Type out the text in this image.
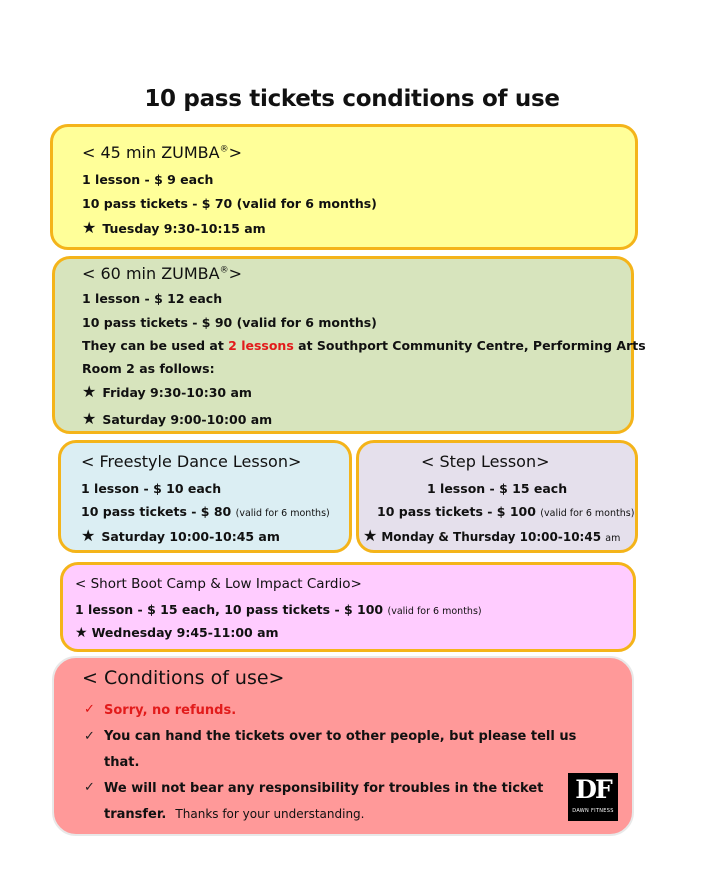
10 pass tickets conditions of use
< 45 min ZUMBA®>
1 lesson - $ 9 each
10 pass tickets - $ 70 (valid for 6 months)
★ Tuesday 9:30-10:15 am
< 60 min ZUMBA®>
1 lesson - $ 12 each
10 pass tickets - $ 90 (valid for 6 months)
They can be used at 2 lessons at Southport Community Centre, Performing Arts
Room 2 as follows:
★ Friday 9:30-10:30 am
★ Saturday 9:00-10:00 am
< Freestyle Dance Lesson>
1 lesson - $ 10 each
10 pass tickets - $ 80 (valid for 6 months)
★ Saturday 10:00-10:45 am
< Step Lesson>
1 lesson - $ 15 each
10 pass tickets - $ 100 (valid for 6 months)
★ Monday & Thursday 10:00-10:45 am
< Short Boot Camp & Low Impact Cardio>
1 lesson - $ 15 each, 10 pass tickets - $ 100 (valid for 6 months)
★ Wednesday 9:45-11:00 am
< Conditions of use>
✓ Sorry, no refunds.
✓ You can hand the tickets over to other people, but please tell us
that.
✓ We will not bear any responsibility for troubles in the ticket
transfer. Thanks for your understanding.
DF
DAWN FITNESS
